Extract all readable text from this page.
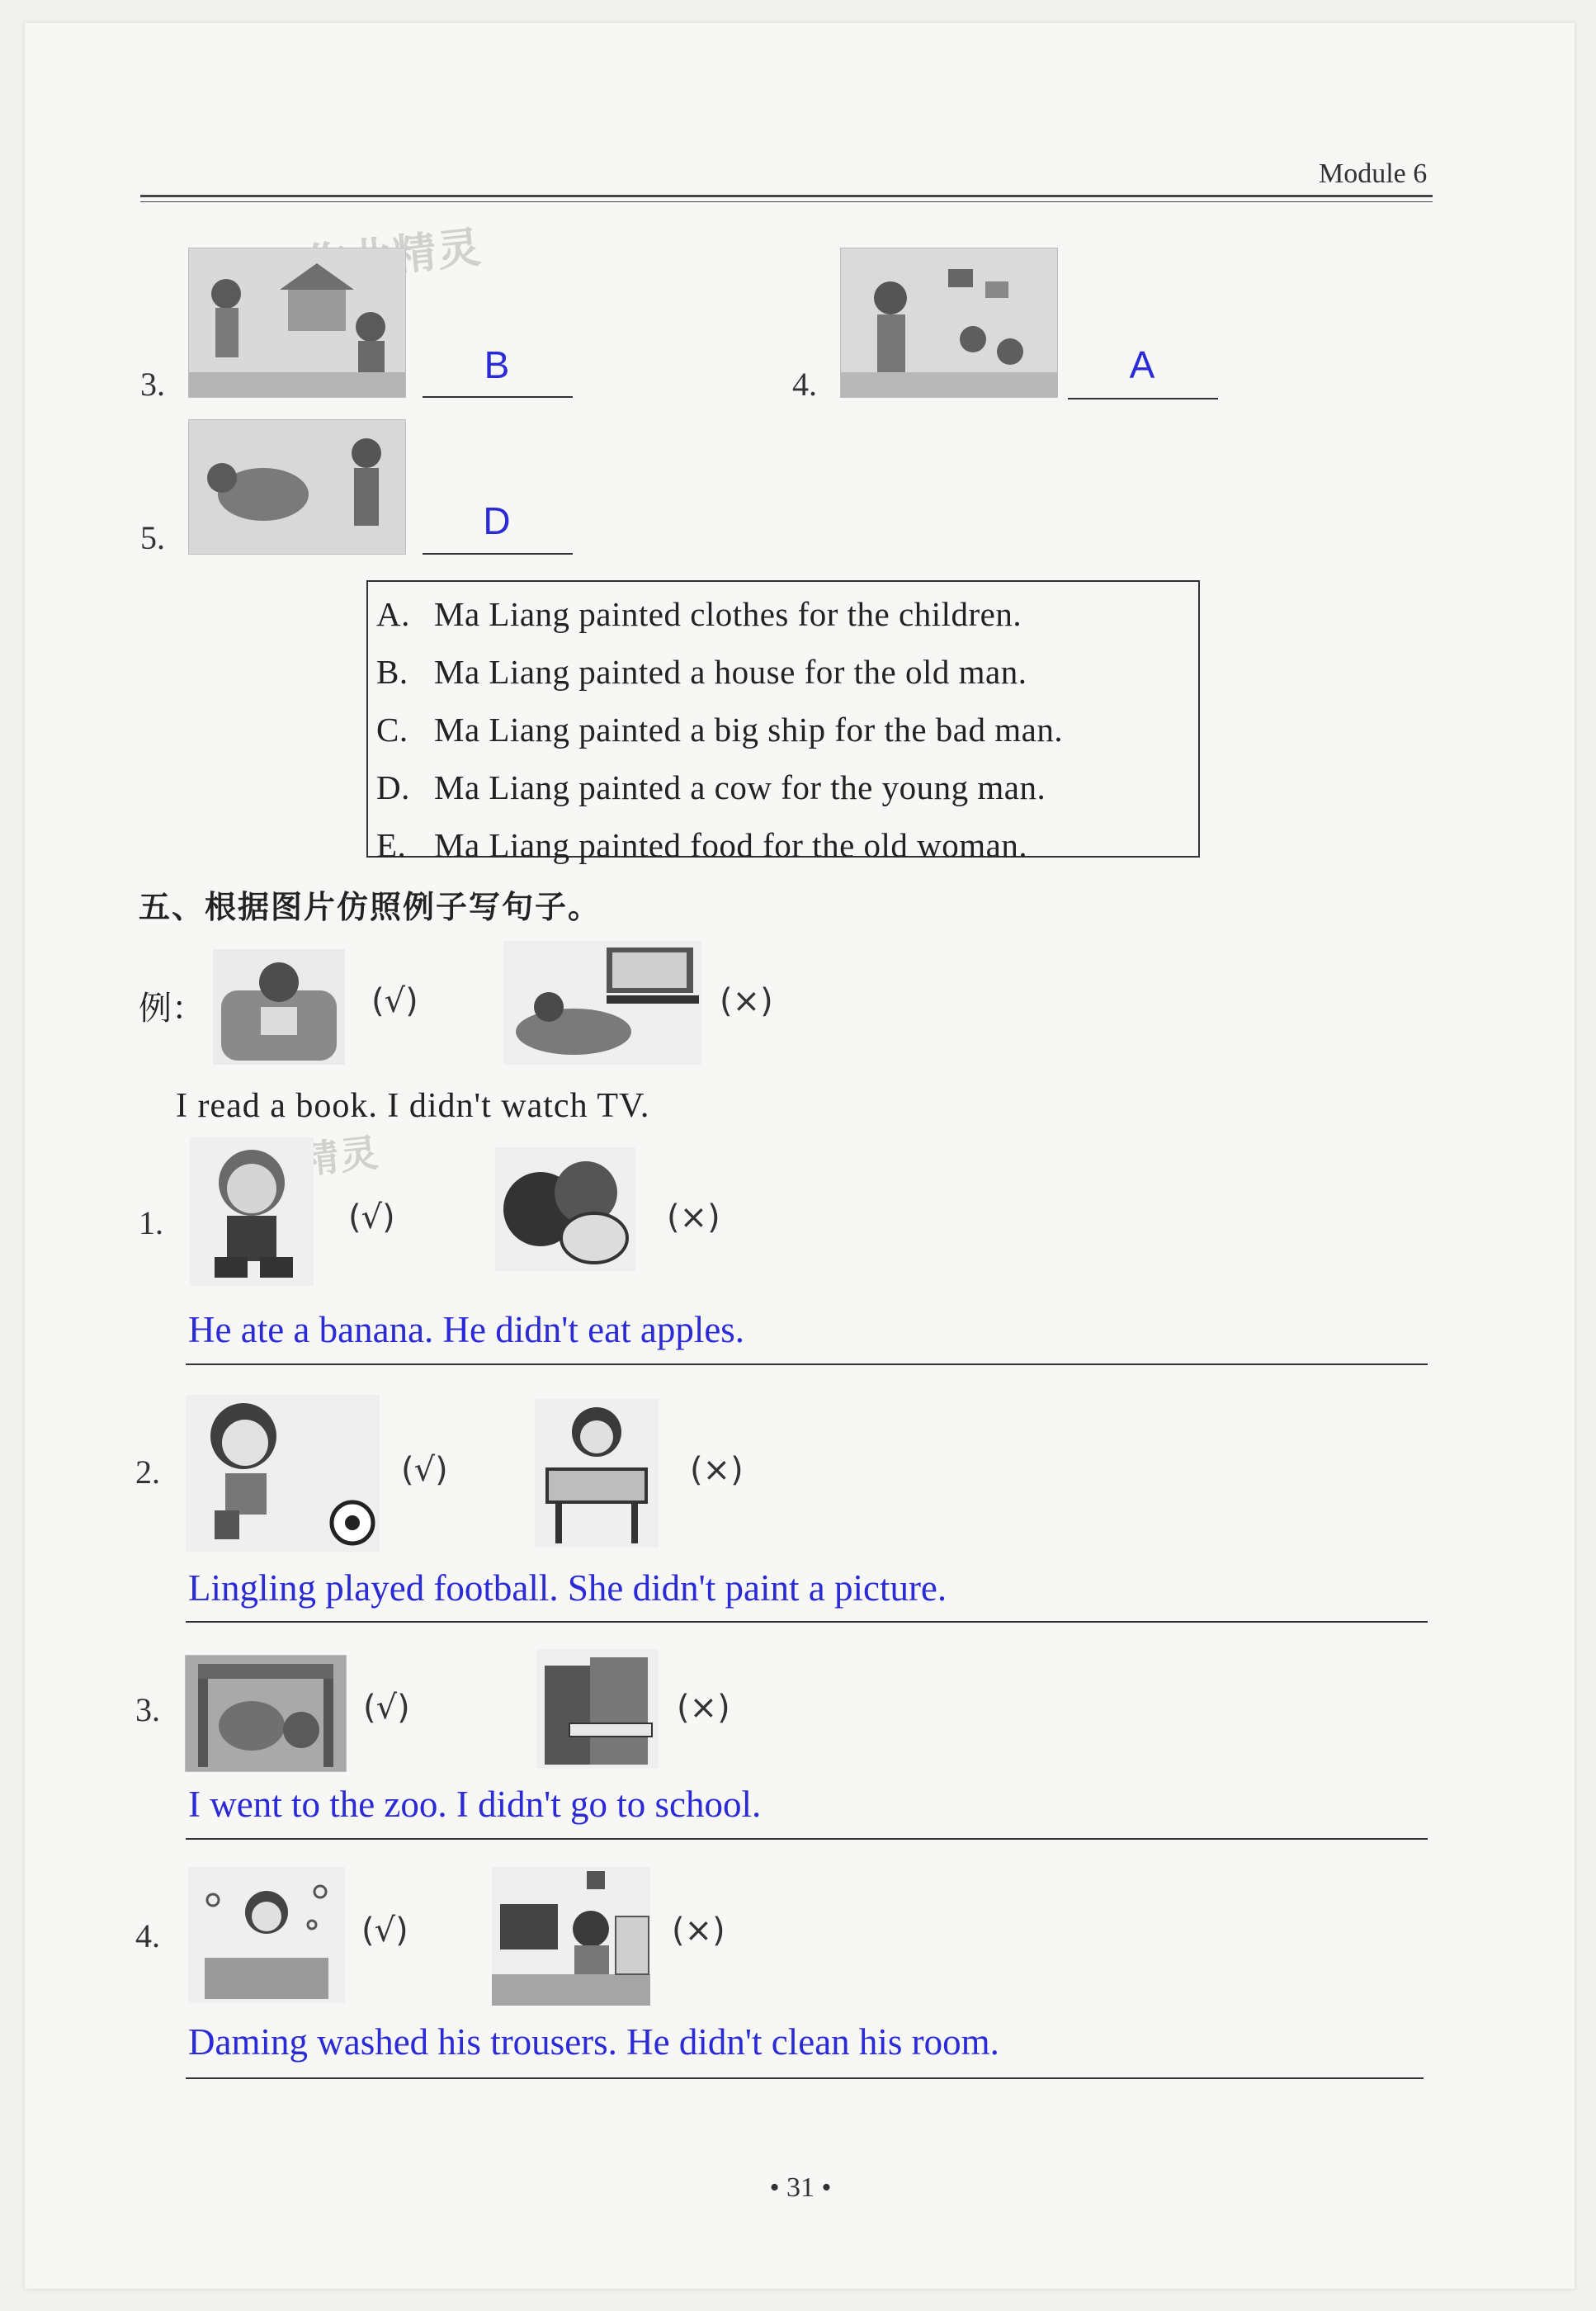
Module 6
3.	B	4.	A
5.	D
A. Ma Liang painted clothes for the children.
B. Ma Liang painted a house for the old man.
C. Ma Liang painted a big ship for the bad man.
D. Ma Liang painted a cow for the young man.
E. Ma Liang painted food for the old woman.
五、根据图片仿照例子写句子。
例：	(√)	(×)
I read a book. I didn't watch TV.
1.	(√)	(×)
He ate a banana. He didn't eat apples.
2.	(√)	(×)
Lingling played football. She didn't paint a picture.
3.	(√)	(×)
I went to the zoo. I didn't go to school.
4.	(√)	(×)
Daming washed his trousers. He didn't clean his room.
• 31 •
